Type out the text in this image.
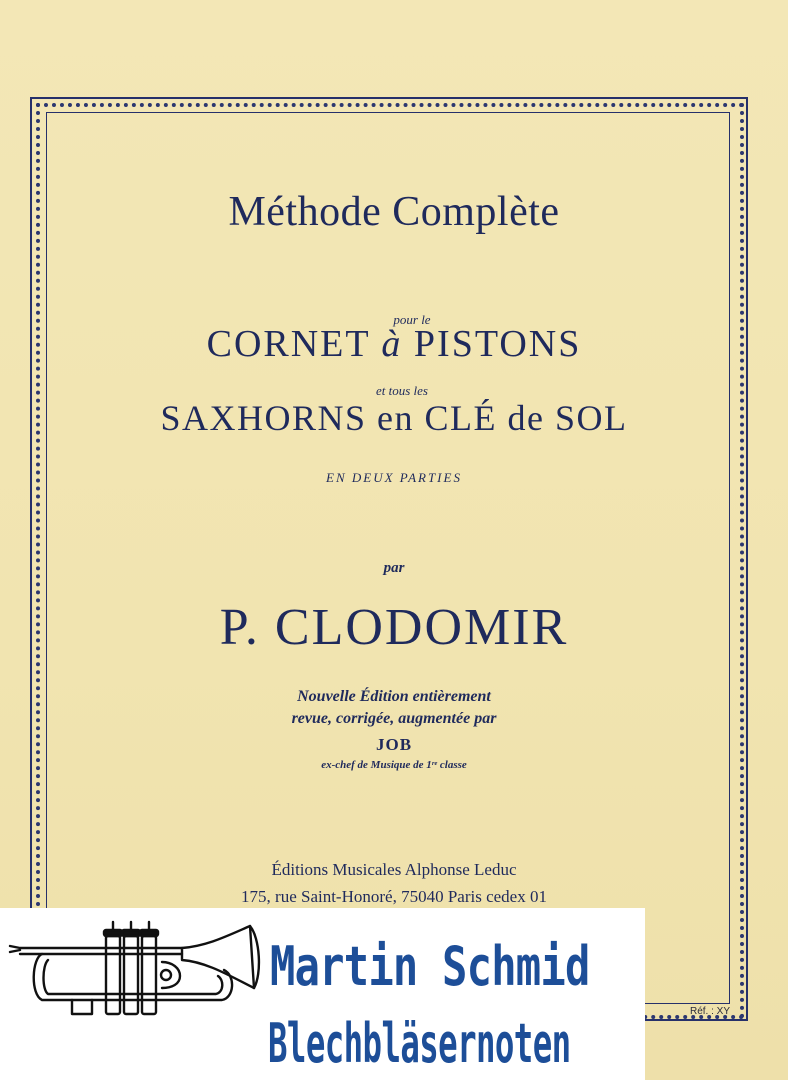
Méthode Complète
pour le
CORNET à PISTONS
et tous les
SAXHORNS en CLÉ de SOL
EN DEUX PARTIES
par
P. CLODOMIR
Nouvelle Édition entièrement
revue, corrigée, augmentée par
JOB
ex-chef de Musique de 1ʳᵉ classe
Éditions Musicales Alphonse Leduc
175, rue Saint-Honoré, 75040 Paris cedex 01
Réf. : XY
Martin Schmid
Blechbläsernoten
